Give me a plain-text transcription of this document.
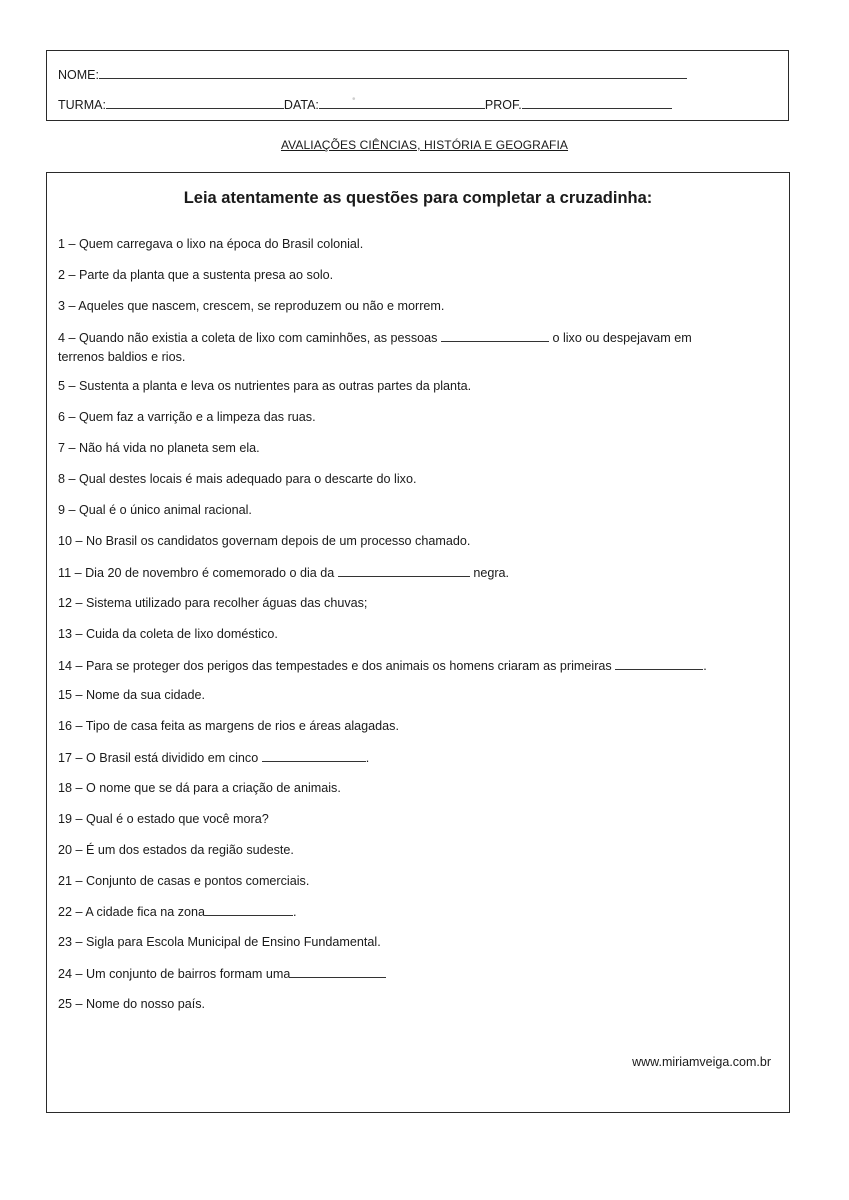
NOME:
TURMA:	DATA:	PROF.
AVALIAÇÕES CIÊNCIAS, HISTÓRIA E GEOGRAFIA
Leia atentamente as questões para completar a cruzadinha:
1 – Quem carregava o lixo na época do Brasil colonial.
2 – Parte da planta que a sustenta presa ao solo.
3 – Aqueles que nascem, crescem, se reproduzem ou não e morrem.
4 – Quando não existia a coleta de lixo com caminhões, as pessoas	o lixo ou despejavam em
terrenos baldios e rios.
5 – Sustenta a planta e leva os nutrientes para as outras partes da planta.
6 – Quem faz a varrição e a limpeza das ruas.
7 – Não há vida no planeta sem ela.
8 – Qual destes locais é mais adequado para o descarte do lixo.
9 – Qual é o único animal racional.
10 – No Brasil os candidatos governam depois de um processo chamado.
11 – Dia 20 de novembro é comemorado o dia da	negra.
12 – Sistema utilizado para recolher águas das chuvas;
13 – Cuida da coleta de lixo doméstico.
14 – Para se proteger dos perigos das tempestades e dos animais os homens criaram as primeiras	.
15 – Nome da sua cidade.
16 – Tipo de casa feita as margens de rios e áreas alagadas.
17 – O Brasil está dividido em cinco	.
18 – O nome que se dá para a criação de animais.
19 – Qual é o estado que você mora?
20 – É um dos estados da região sudeste.
21 – Conjunto de casas e pontos comerciais.
22 – A cidade fica na zona	.
23 – Sigla para Escola Municipal de Ensino Fundamental.
24 – Um conjunto de bairros formam uma
25 – Nome do nosso país.
www.miriamveiga.com.br
•
